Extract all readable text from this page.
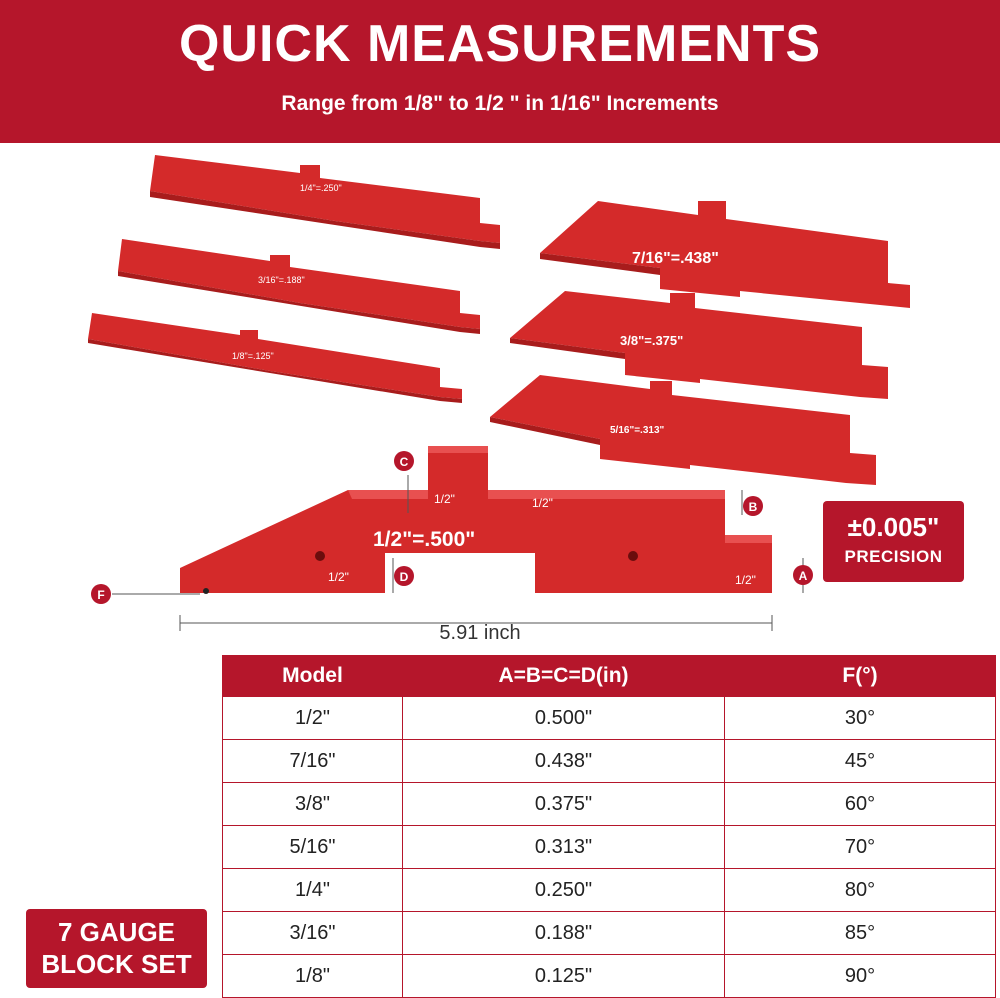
QUICK MEASUREMENTS
Range from 1/8" to 1/2 " in 1/16" Increments
1/4"=.250"
3/16"=.188"
1/8"=.125"
7/16"=.438"
3/8"=.375"
5/16"=.313"
1/2"=.500"
1/2"	1/2"
1/2"	1/2"
C
B
D	A
F
±0.005"
PRECISION
5.91 inch
Model	A=B=C=D(in)	F(°)
1/2"	0.500"	30°
7/16"	0.438"	45°
3/8"	0.375"	60°
5/16"	0.313"	70°
1/4"	0.250"	80°
3/16"	0.188"	85°
1/8"	0.125"	90°
7 GAUGE
BLOCK SET
